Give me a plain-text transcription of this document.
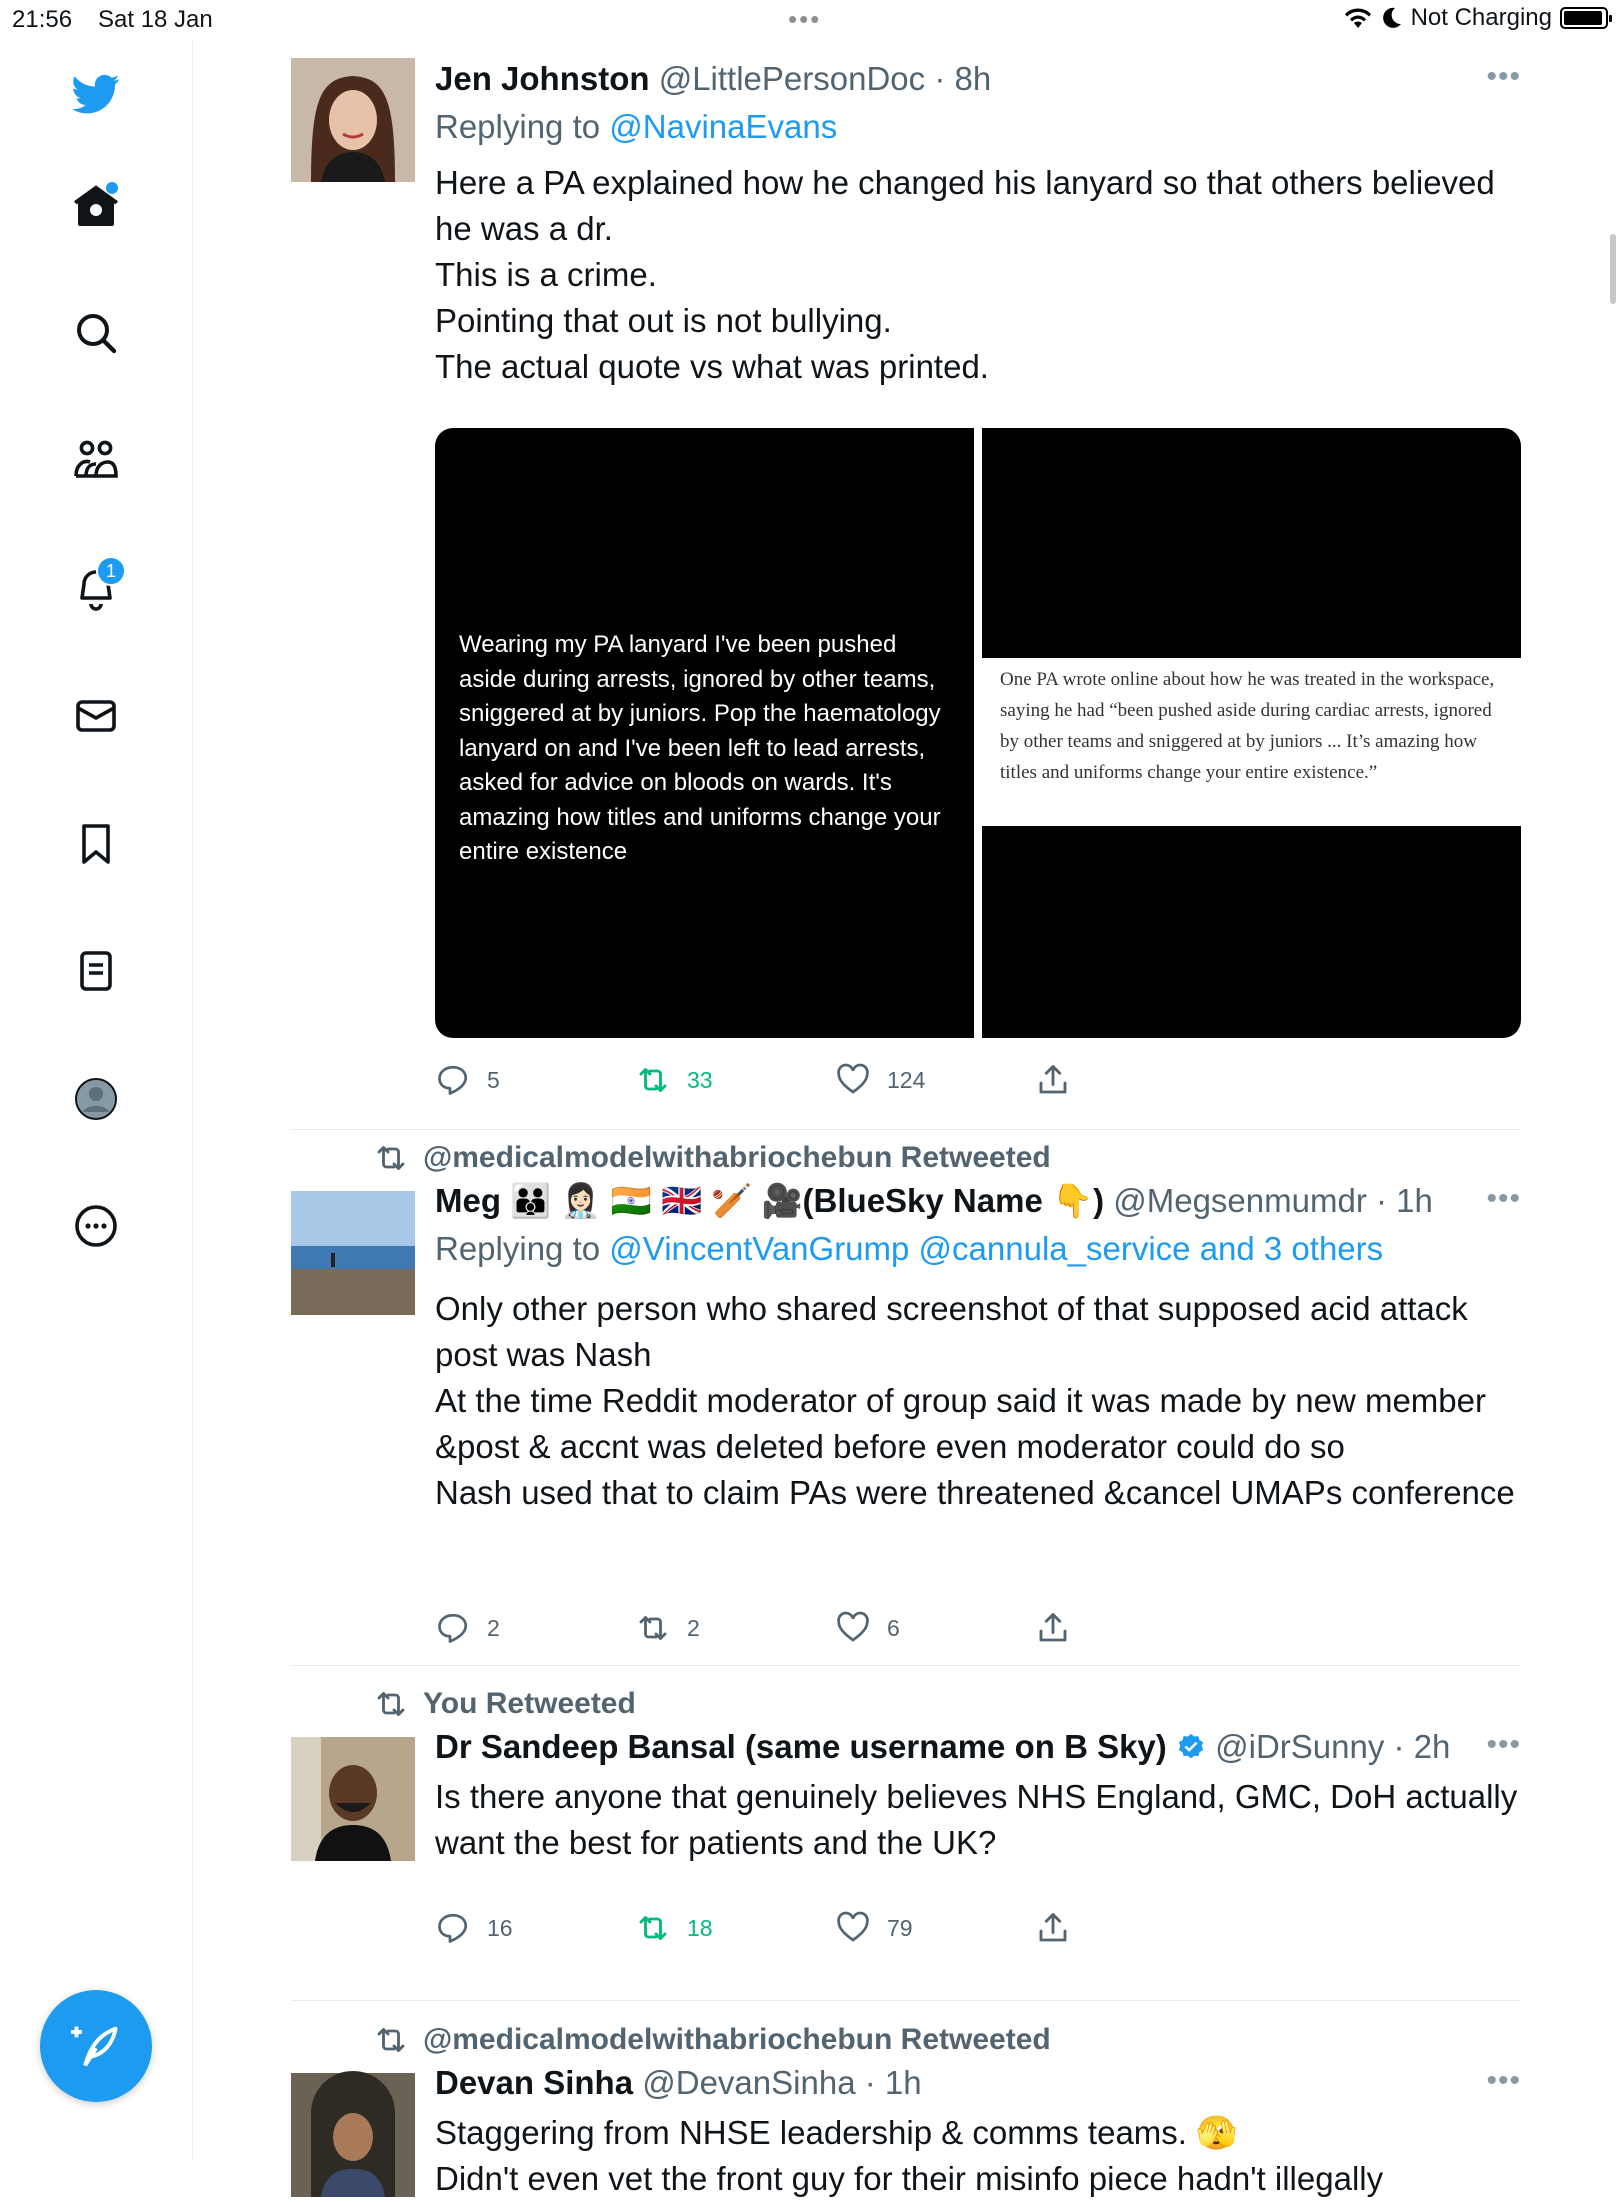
21:56 Sat 18 Jan	•••	Not Charging
1
Jen Johnston @LittlePersonDoc · 8h	•••
Replying to @NavinaEvans
Here a PA explained how he changed his lanyard so that others believed he was a dr.
This is a crime.
Pointing that out is not bullying.
The actual quote vs what was printed.
Wearing my PA lanyard I've been pushed aside during arrests, ignored by other teams, sniggered at by juniors. Pop the haematology lanyard on and I've been left to lead arrests, asked for advice on bloods on wards. It's amazing how titles and uniforms change your entire existence
One PA wrote online about how he was treated in the workspace, saying he had “been pushed aside during cardiac arrests, ignored by other teams and sniggered at by juniors ... It’s amazing how titles and uniforms change your entire existence.”
5	33	124
@medicalmodelwithabriochebun Retweeted
Meg 🧑‍🧑‍🧒 👩🏻‍⚕️ 🇮🇳 🇬🇧 🏏 🎥(BlueSky Name 👇) @Megsenmumdr · 1h	•••
Replying to @VincentVanGrump @cannula_service and 3 others
Only other person who shared screenshot of that supposed acid attack post was Nash
At the time Reddit moderator of group said it was made by new member &post & accnt was deleted before even moderator could do so
Nash used that to claim PAs were threatened &cancel UMAPs conference
2	2	6
You Retweeted
Dr Sandeep Bansal (same username on B Sky) @iDrSunny · 2h	•••
Is there anyone that genuinely believes NHS England, GMC, DoH actually want the best for patients and the UK?
16	18	79
@medicalmodelwithabriochebun Retweeted
Devan Sinha @DevanSinha · 1h	•••
Staggering from NHSE leadership & comms teams. 🫣
Didn't even vet the front guy for their misinfo piece hadn't illegally
